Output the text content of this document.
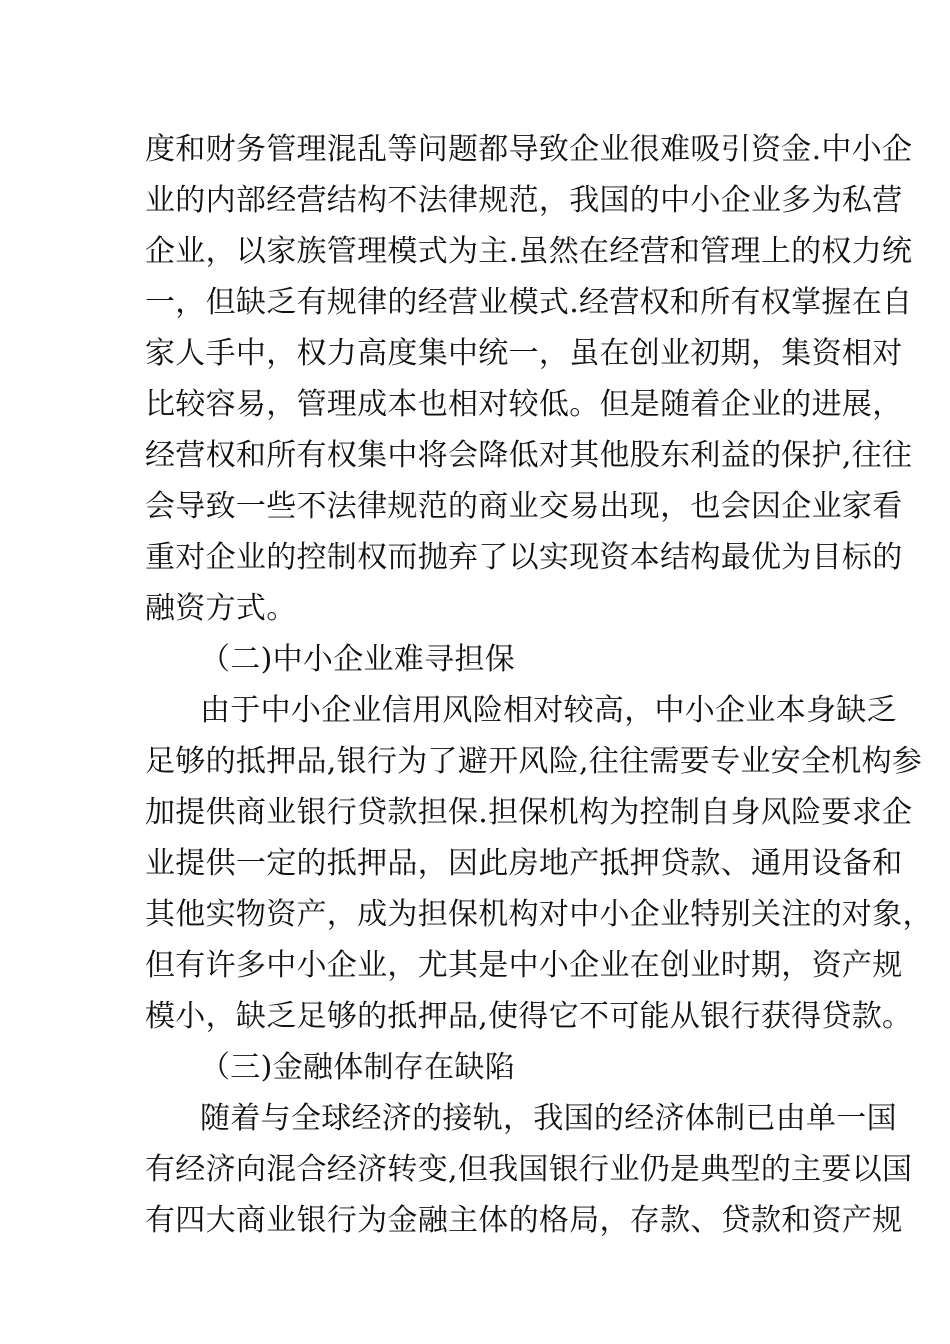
度和财务管理混乱等问题都导致企业很难吸引资金.中小企
业的内部经营结构不法律规范，我国的中小企业多为私营
企业，以家族管理模式为主.虽然在经营和管理上的权力统
一，但缺乏有规律的经营业模式.经营权和所有权掌握在自
家人手中，权力高度集中统一，虽在创业初期，集资相对
比较容易，管理成本也相对较低。但是随着企业的进展，
经营权和所有权集中将会降低对其他股东利益的保护,往往
会导致一些不法律规范的商业交易出现，也会因企业家看
重对企业的控制权而抛弃了以实现资本结构最优为目标的
融资方式。
（二)中小企业难寻担保
由于中小企业信用风险相对较高，中小企业本身缺乏
足够的抵押品,银行为了避开风险,往往需要专业安全机构参
加提供商业银行贷款担保.担保机构为控制自身风险要求企
业提供一定的抵押品，因此房地产抵押贷款、通用设备和
其他实物资产，成为担保机构对中小企业特别关注的对象，
但有许多中小企业，尤其是中小企业在创业时期，资产规
模小，缺乏足够的抵押品,使得它不可能从银行获得贷款。
（三)金融体制存在缺陷
随着与全球经济的接轨，我国的经济体制已由单一国
有经济向混合经济转变,但我国银行业仍是典型的主要以国
有四大商业银行为金融主体的格局，存款、贷款和资产规
